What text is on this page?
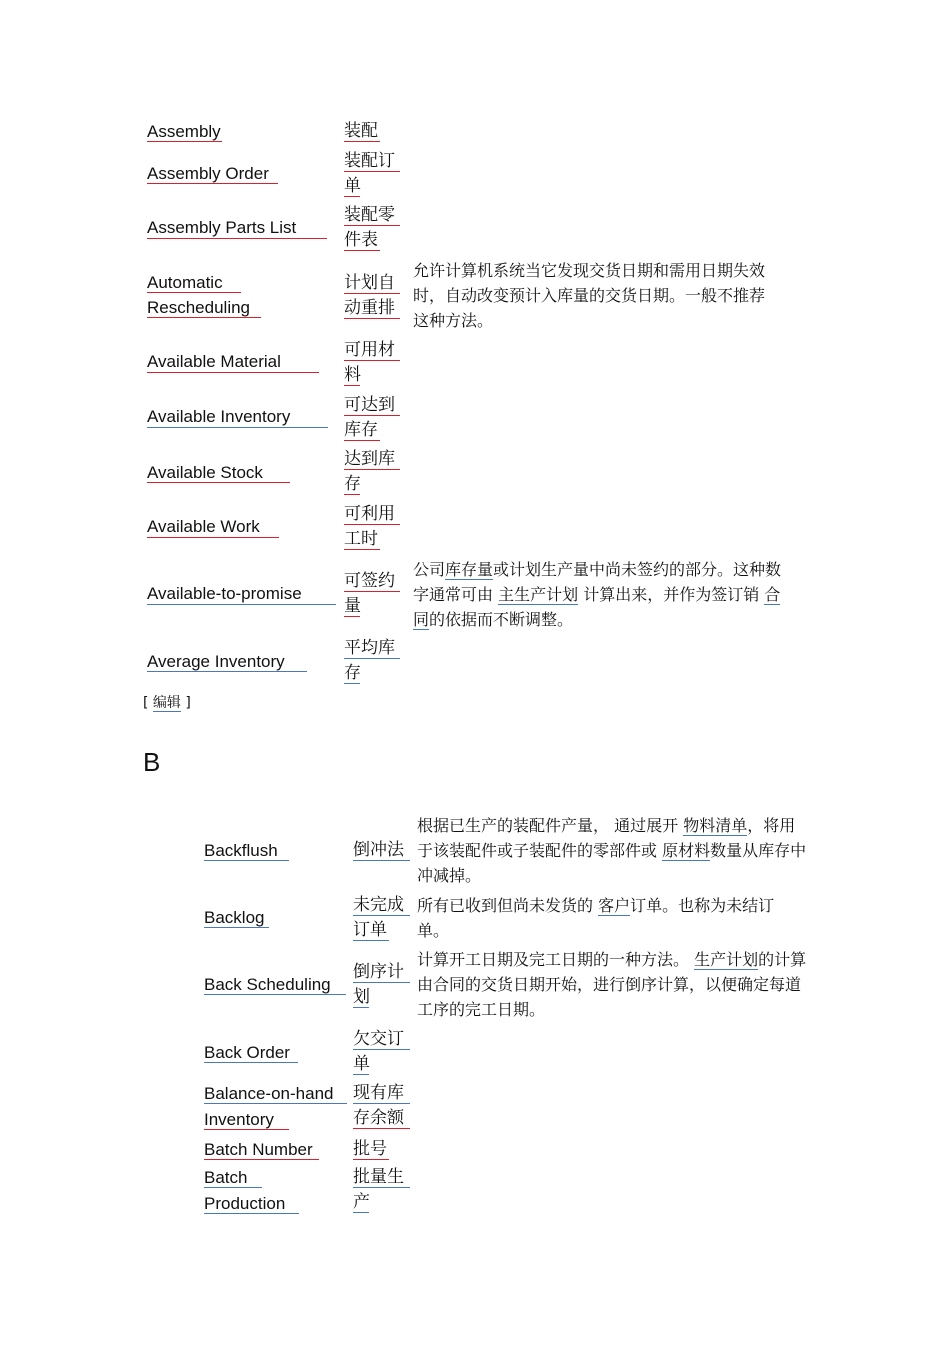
Assembly	装配
Assembly Order
装配订单
Assembly Parts List
装配零件表
Automatic
Rescheduling
计划自动重排
允许计算机系统当它发现交货日期和需用日期失效时，自动改变预计入库量的交货日期。一般不推荐这种方法。
Available Material
可用材料
Available Inventory
可达到库存
Available Stock
达到库存
Available Work
可利用工时
Available-to-promise
可签约量
公司库存量或计划生产量中尚未签约的部分。这种数字通常可由 主生产计划 计算出来，并作为签订销 合同的依据而不断调整。
Average Inventory
平均库存
[ 编辑 ]
B
Backflush	倒冲法
根据已生产的装配件产量， 通过展开 物料清单，将用于该装配件或子装配件的零部件或 原材料数量从库存中冲减掉。
Backlog
未完成订单
所有已收到但尚未发货的 客户订单。也称为未结订单。
Back Scheduling
倒序计划
计算开工日期及完工日期的一种方法。 生产计划的计算由合同的交货日期开始，进行倒序计算，以便确定每道工序的完工日期。
Back Order
欠交订单
Balance-on-hand
Inventory
现有库存余额
Batch Number 批号
Batch
Production
批量生产
